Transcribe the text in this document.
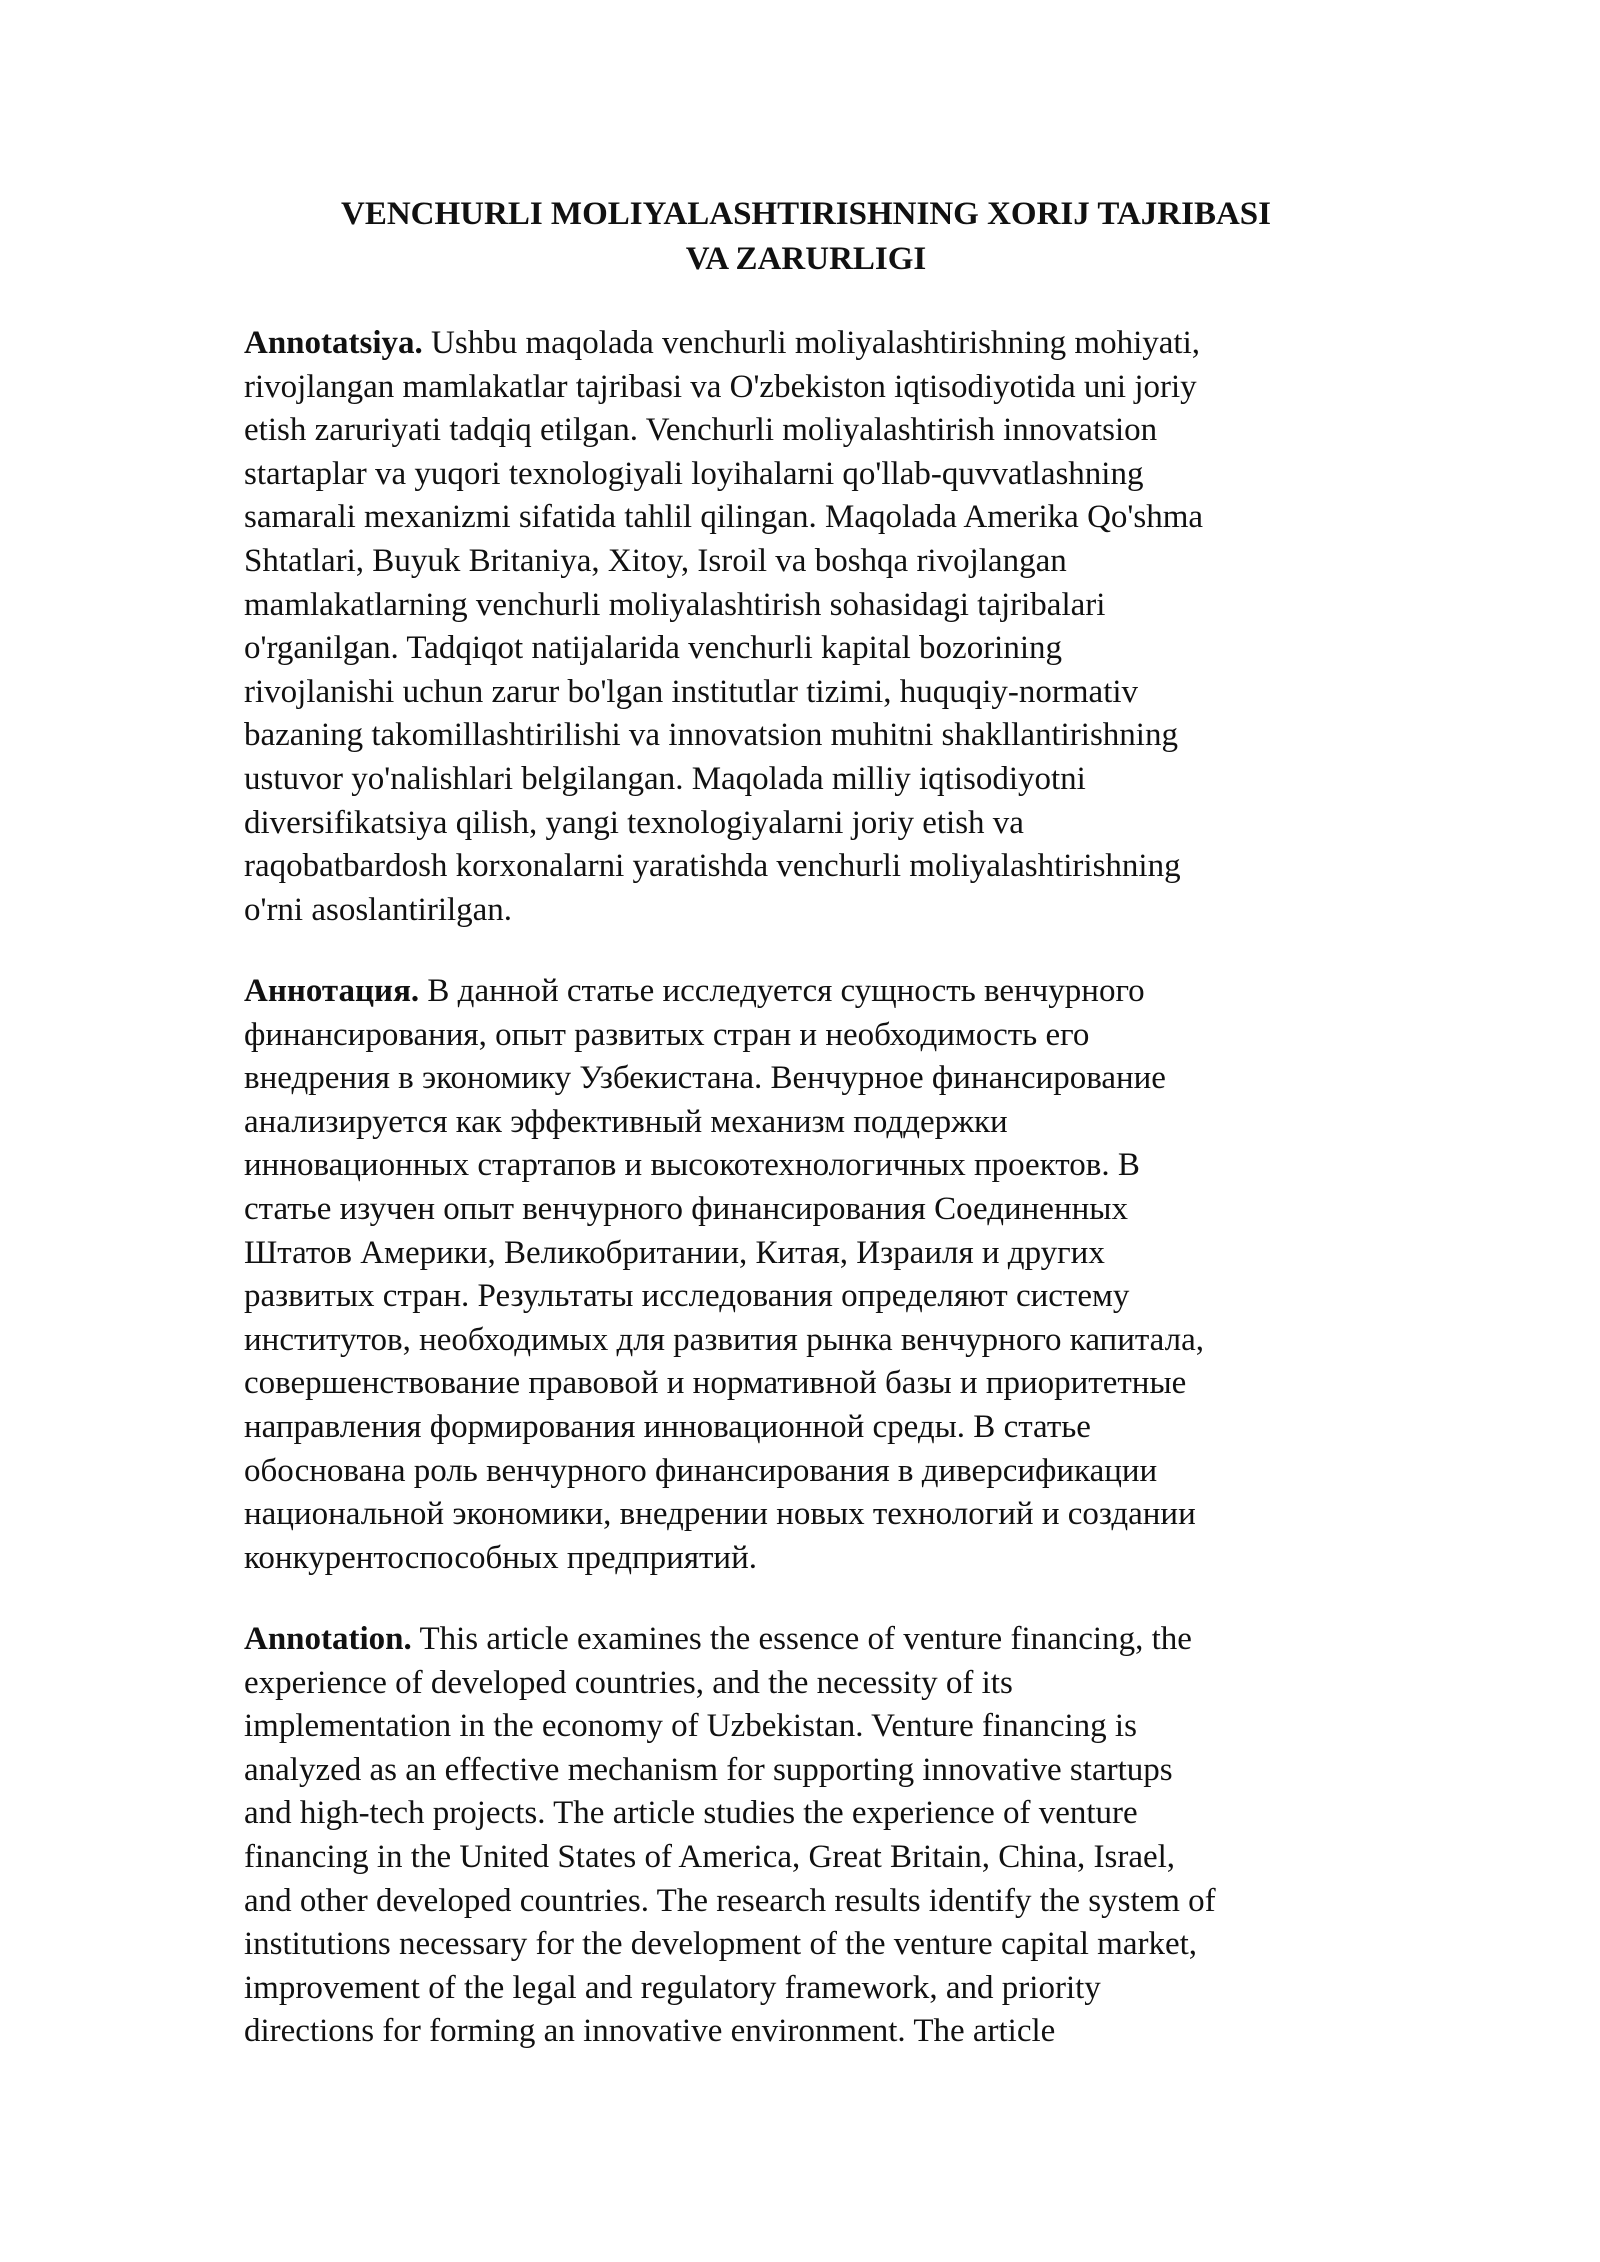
VENCHURLI MOLIYALASHTIRISHNING XORIJ TAJRIBASI
VA ZARURLIGI
Annotatsiya. Ushbu maqolada venchurli moliyalashtirishning mohiyati,
rivojlangan mamlakatlar tajribasi va O'zbekiston iqtisodiyotida uni joriy
etish zaruriyati tadqiq etilgan. Venchurli moliyalashtirish innovatsion
startaplar va yuqori texnologiyali loyihalarni qo'llab-quvvatlashning
samarali mexanizmi sifatida tahlil qilingan. Maqolada Amerika Qo'shma
Shtatlari, Buyuk Britaniya, Xitoy, Isroil va boshqa rivojlangan
mamlakatlarning venchurli moliyalashtirish sohasidagi tajribalari
o'rganilgan. Tadqiqot natijalarida venchurli kapital bozorining
rivojlanishi uchun zarur bo'lgan institutlar tizimi, huquqiy-normativ
bazaning takomillashtirilishi va innovatsion muhitni shakllantirishning
ustuvor yo'nalishlari belgilangan. Maqolada milliy iqtisodiyotni
diversifikatsiya qilish, yangi texnologiyalarni joriy etish va
raqobatbardosh korxonalarni yaratishda venchurli moliyalashtirishning
o'rni asoslantirilgan.
Аннотация. В данной статье исследуется сущность венчурного
финансирования, опыт развитых стран и необходимость его
внедрения в экономику Узбекистана. Венчурное финансирование
анализируется как эффективный механизм поддержки
инновационных стартапов и высокотехнологичных проектов. В
статье изучен опыт венчурного финансирования Соединенных
Штатов Америки, Великобритании, Китая, Израиля и других
развитых стран. Результаты исследования определяют систему
институтов, необходимых для развития рынка венчурного капитала,
совершенствование правовой и нормативной базы и приоритетные
направления формирования инновационной среды. В статье
обоснована роль венчурного финансирования в диверсификации
национальной экономики, внедрении новых технологий и создании
конкурентоспособных предприятий.
Annotation. This article examines the essence of venture financing, the
experience of developed countries, and the necessity of its
implementation in the economy of Uzbekistan. Venture financing is
analyzed as an effective mechanism for supporting innovative startups
and high-tech projects. The article studies the experience of venture
financing in the United States of America, Great Britain, China, Israel,
and other developed countries. The research results identify the system of
institutions necessary for the development of the venture capital market,
improvement of the legal and regulatory framework, and priority
directions for forming an innovative environment. The article
